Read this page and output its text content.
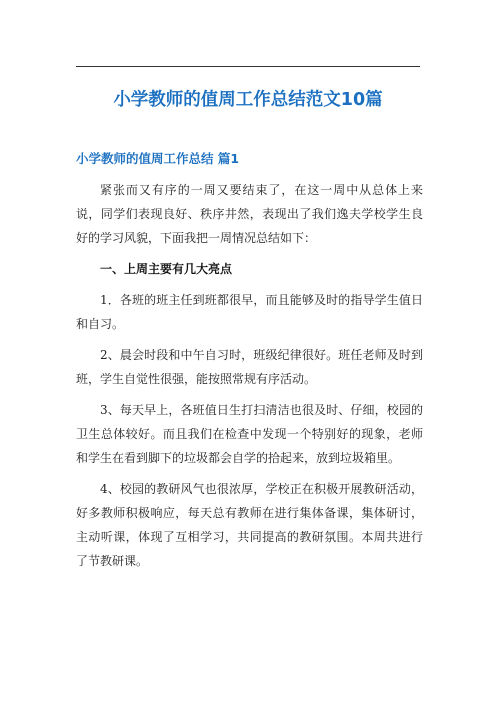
小学教师的值周工作总结范文10篇
小学教师的值周工作总结 篇1

紧张而又有序的一周又要结束了，在这一周中从总体上来说，同学们表现良好、秩序井然，表现出了我们逸夫学校学生良好的学习风貌，下面我把一周情况总结如下：

一、上周主要有几大亮点

1．各班的班主任到班都很早，而且能够及时的指导学生值日和自习。

2、晨会时段和中午自习时，班级纪律很好。班任老师及时到班，学生自觉性很强，能按照常规有序活动。

3、每天早上，各班值日生打扫清洁也很及时、仔细，校园的卫生总体较好。而且我们在检查中发现一个特别好的现象，老师和学生在看到脚下的垃圾都会自学的拾起来，放到垃圾箱里。

4、校园的教研风气也很浓厚，学校正在积极开展教研活动，好多教师积极响应，每天总有教师在进行集体备课，集体研讨，主动听课，体现了互相学习，共同提高的教研氛围。本周共进行了节教研课。
